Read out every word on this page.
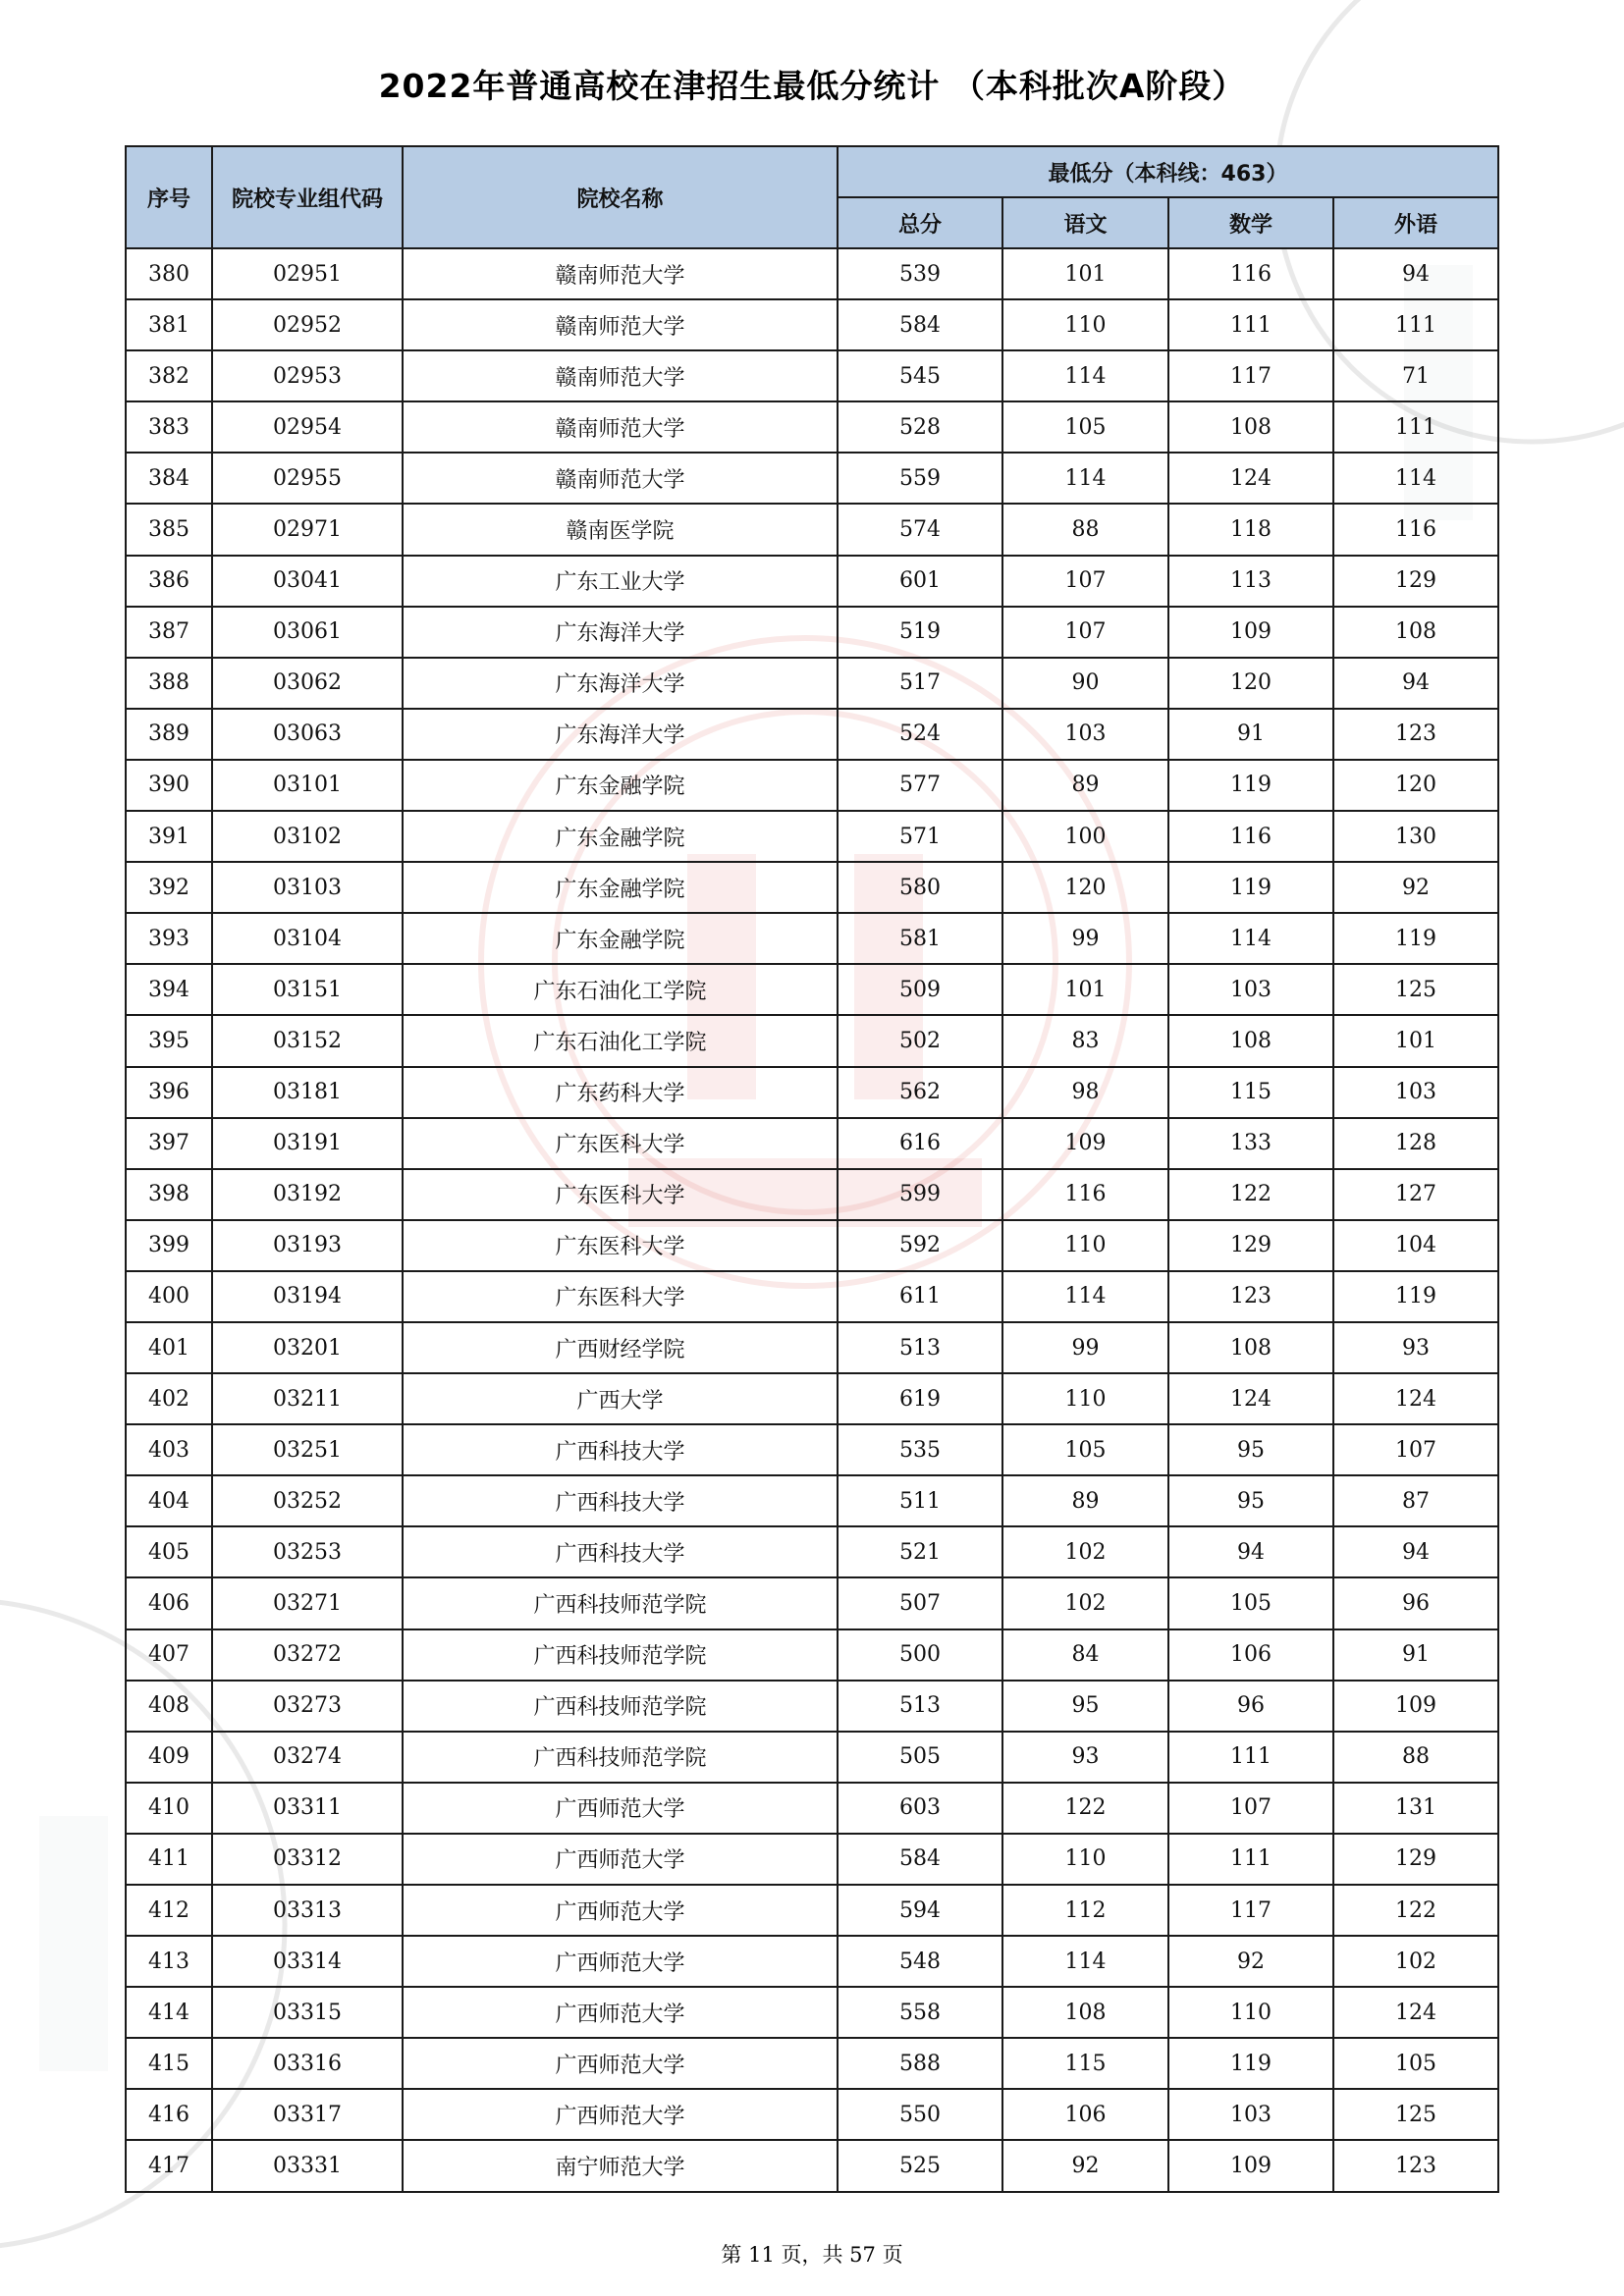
2022年普通高校在津招生最低分统计 （本科批次A阶段）
序号	院校专业组代码	院校名称	最低分（本科线：463）			
			总分	语文	数学	外语
380	02951	赣南师范大学	539	101	116	94
381	02952	赣南师范大学	584	110	111	111
382	02953	赣南师范大学	545	114	117	71
383	02954	赣南师范大学	528	105	108	111
384	02955	赣南师范大学	559	114	124	114
385	02971	赣南医学院	574	88	118	116
386	03041	广东工业大学	601	107	113	129
387	03061	广东海洋大学	519	107	109	108
388	03062	广东海洋大学	517	90	120	94
389	03063	广东海洋大学	524	103	91	123
390	03101	广东金融学院	577	89	119	120
391	03102	广东金融学院	571	100	116	130
392	03103	广东金融学院	580	120	119	92
393	03104	广东金融学院	581	99	114	119
394	03151	广东石油化工学院	509	101	103	125
395	03152	广东石油化工学院	502	83	108	101
396	03181	广东药科大学	562	98	115	103
397	03191	广东医科大学	616	109	133	128
398	03192	广东医科大学	599	116	122	127
399	03193	广东医科大学	592	110	129	104
400	03194	广东医科大学	611	114	123	119
401	03201	广西财经学院	513	99	108	93
402	03211	广西大学	619	110	124	124
403	03251	广西科技大学	535	105	95	107
404	03252	广西科技大学	511	89	95	87
405	03253	广西科技大学	521	102	94	94
406	03271	广西科技师范学院	507	102	105	96
407	03272	广西科技师范学院	500	84	106	91
408	03273	广西科技师范学院	513	95	96	109
409	03274	广西科技师范学院	505	93	111	88
410	03311	广西师范大学	603	122	107	131
411	03312	广西师范大学	584	110	111	129
412	03313	广西师范大学	594	112	117	122
413	03314	广西师范大学	548	114	92	102
414	03315	广西师范大学	558	108	110	124
415	03316	广西师范大学	588	115	119	105
416	03317	广西师范大学	550	106	103	125
417	03331	南宁师范大学	525	92	109	123
第 11 页，共 57 页
